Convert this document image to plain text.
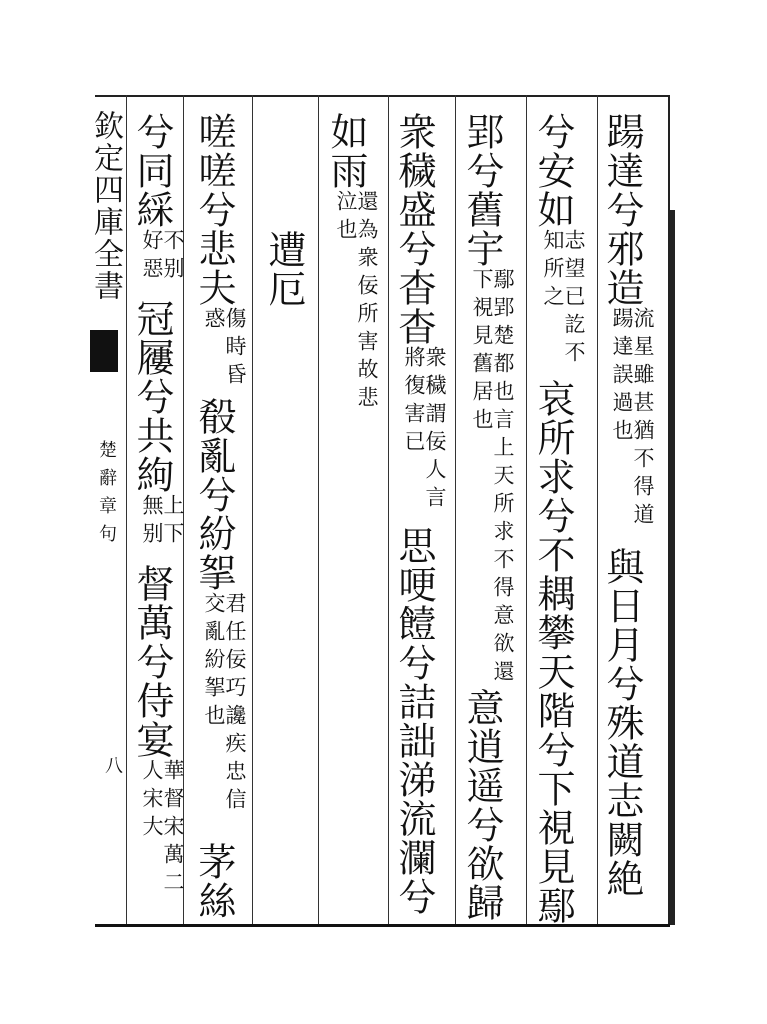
欽定四庫全書
楚辭章句
八
踼達兮邪造流星雖甚猶不得道踼達誤過也與日月兮殊道志闕絶
兮安如志望已訖不知所之哀所求兮不耦攀天階兮下視見鄢
郢兮舊宇鄢郢楚都也言上天所求不得意欲還下視見舊居也意逍遥兮欲歸
衆穢盛兮杳杳衆穢謂佞人言將復害已思哽饐兮詰詘涕流瀾兮
如雨還為衆佞所害故悲泣也
遭厄
嗟嗟兮悲夫傷時昏惑殽亂兮紛挐君任佞巧讒疾忠信交亂紛挐也茅絲
兮同綵不别好惡冠屨兮共絇上下無别督萬兮侍宴華督宋萬二人宋大
